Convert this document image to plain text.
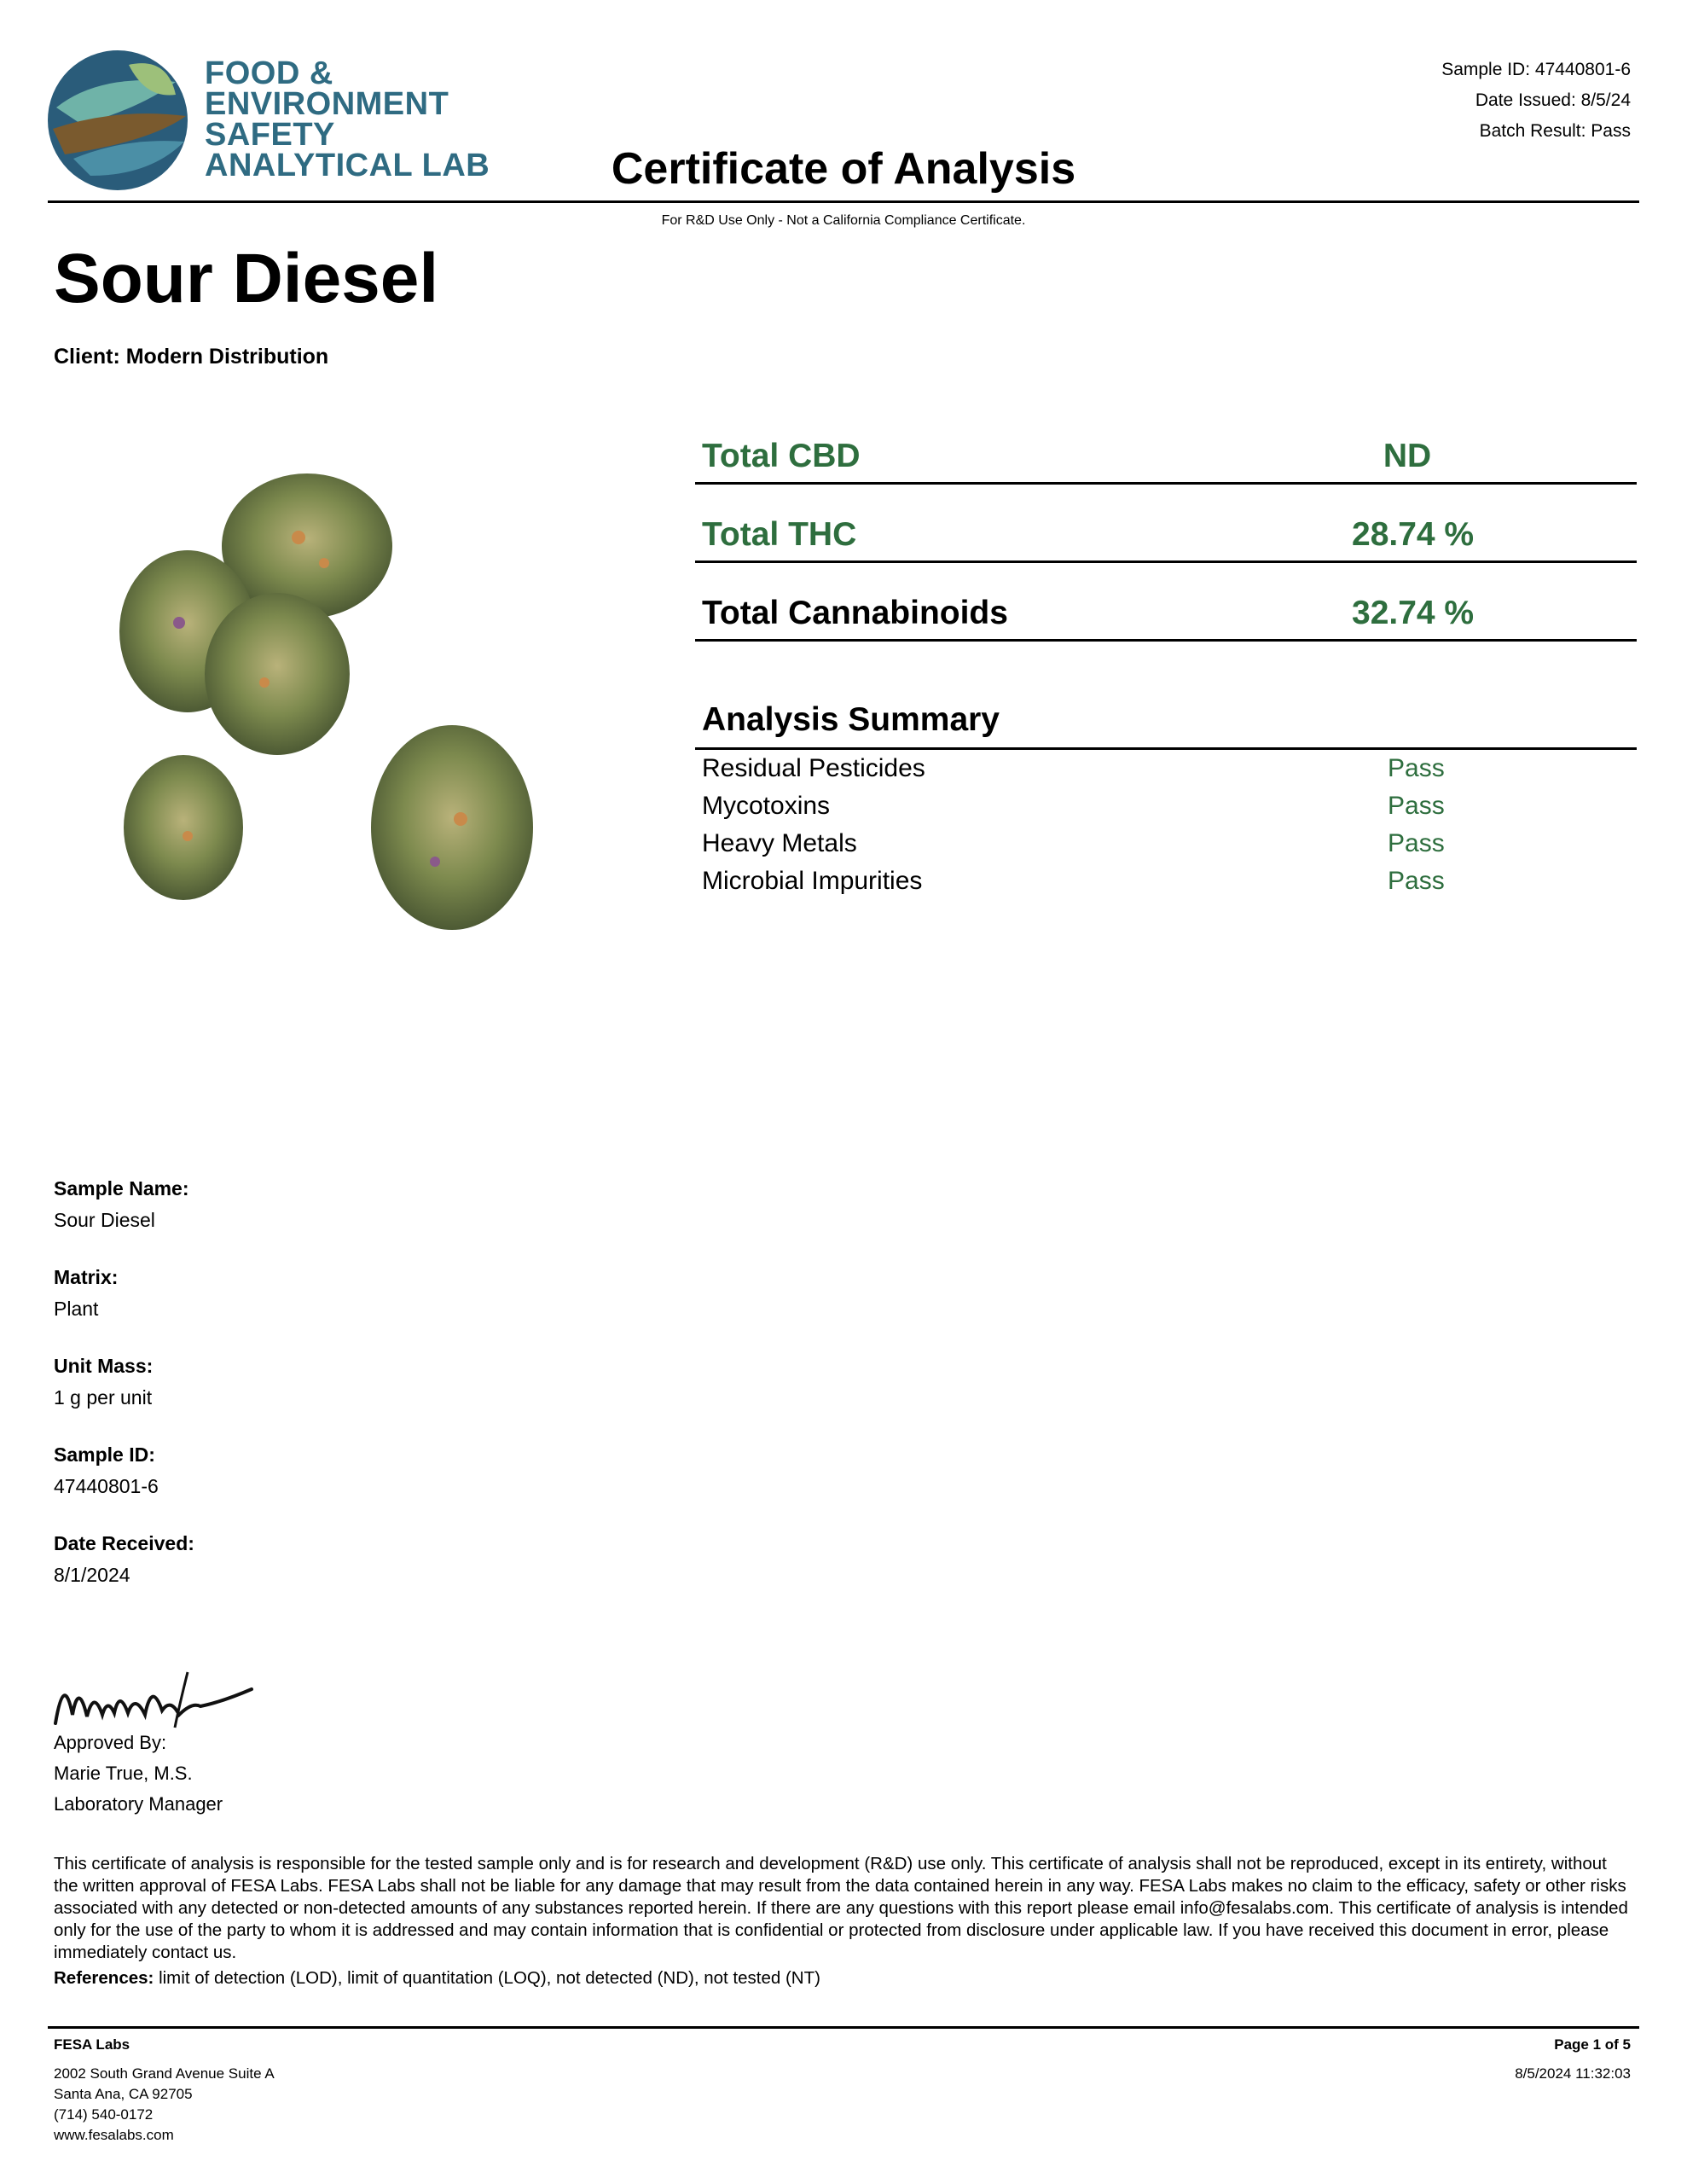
FOOD &
ENVIRONMENT
SAFETY
ANALYTICAL LAB
Sample ID: 47440801-6
Date Issued: 8/5/24
Batch Result: Pass
Certificate of Analysis
For R&D Use Only - Not a California Compliance Certificate.
Sour Diesel
Client: Modern Distribution
Total CBD	ND
Total THC	28.74 %
Total Cannabinoids	32.74 %
Analysis Summary
Residual Pesticides	Pass
Mycotoxins	Pass
Heavy Metals	Pass
Microbial Impurities	Pass
Sample Name:
Sour Diesel
Matrix:
Plant
Unit Mass:
1 g per unit
Sample ID:
47440801-6
Date Received:
8/1/2024
Approved By:
Marie True, M.S.
Laboratory Manager
This certificate of analysis is responsible for the tested sample only and is for research and development (R&D) use only. This certificate of analysis shall not be reproduced, except in its entirety, without the written approval of FESA Labs. FESA Labs shall not be liable for any damage that may result from the data contained herein in any way. FESA Labs makes no claim to the efficacy, safety or other risks associated with any detected or non-detected amounts of any substances reported herein. If there are any questions with this report please email info@fesalabs.com. This certificate of analysis is intended only for the use of the party to whom it is addressed and may contain information that is confidential or protected from disclosure under applicable law. If you have received this document in error, please immediately contact us.
References: limit of detection (LOD), limit of quantitation (LOQ), not detected (ND), not tested (NT)
FESA Labs
2002 South Grand Avenue Suite A
Santa Ana, CA 92705
(714) 540-0172
www.fesalabs.com
Page 1 of 5
8/5/2024 11:32:03
